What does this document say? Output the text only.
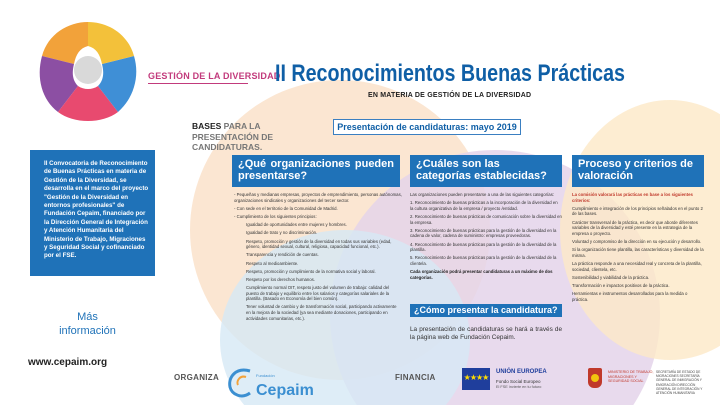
GESTIÓN DE LA DIVERSIDAD
II Reconocimientos Buenas Prácticas
EN MATERIA DE GESTIÓN DE LA DIVERSIDAD
BASES PARA LA
PRESENTACIÓN DE
CANDIDATURAS.
Presentación de candidaturas: mayo 2019
II Convocatoria de Reconocimiento de Buenas Prácticas en materia de Gestión de la Diversidad, se desarrolla en el marco del proyecto "Gestión de la Diversidad en entornos profesionales" de Fundación Cepaim, financiado por la Dirección General de Integración y Atención Humanitaria del Ministerio de Trabajo, Migraciones y Seguridad Social y cofinanciado por el FSE.
Más
información
www.cepaim.org
¿Qué organizaciones pueden presentarse?

- Pequeñas y medianas empresas, proyectos de emprendimiento, personas autónomas, organizaciones sindicales y organizaciones del tercer sector.

- Con sede en el territorio de la Comunidad de Madrid.

- Cumplimiento de los siguientes principios:

Igualdad de oportunidades entre mujeres y hombres.

Igualdad de trato y no discriminación.

Respeto, promoción y gestión de la diversidad en todas sus variables (edad, género, identidad sexual, cultural, religiosa, capacidad funcional, etc.).

Transparencia y rendición de cuentas.

Respeto al medioambiente.

Respeto, promoción y cumplimiento de la normativa social y laboral.

Respeto por los derechos humanos.

Cumplimiento normal OIT, respeto justo del volumen de trabajo: calidad del puesto de trabajo y equilibrio entre los salarios y categorías salariales de la plantilla. (Basado en Economía del bien común).

Tener voluntad de cambio y de transformación social, participando activamente en la mejora de la sociedad (ya sea mediante donaciones, participando en actividades comunitarias, etc.).

¿Cuáles son las categorías establecidas?

Las organizaciones pueden presentarse a una de las siguientes categorías:

1. Reconocimiento de buenas prácticas a la incorporación de la diversidad en la cultura organizativa de la empresa / proyecto /entidad.

2. Reconocimiento de buenas prácticas de comunicación sobre la diversidad en la empresa.

3. Reconocimiento de buenas prácticas para la gestión de la diversidad en la cadena de valor, cadena de suministro: empresas proveedoras.

4. Reconocimiento de buenas prácticas para la gestión de la diversidad de la plantilla.

5. Reconocimiento de buenas prácticas para la gestión de la diversidad de la clientela.

Cada organización podrá presentar candidaturas a un máximo de dos categorías.

¿Cómo presentar la candidatura?
La presentación de candidaturas se hará a través de la página web de Fundación Cepaim.
Proceso y criterios de valoración

La comisión valorará las prácticas en base a los siguientes criterios:

Cumplimiento e integración de los principios señalados en el punto 2 de las bases.

Carácter transversal de la práctica, es decir que aborde diferentes variables de la diversidad y esté presente en la estrategia de la empresa o proyecto.

Voluntad y compromiso de la dirección en su ejecución y desarrollo.

Si la organización tiene plantilla, las características y diversidad de la misma.

La práctica responde a una necesidad real y concreta de la plantilla, sociedad, clientela, etc.

Sostenibilidad y viabilidad de la práctica.

Transformación e impactos positivos de la práctica.

Herramientas e instrumentos desarrollados para la medida o práctica.

ORGANIZA	Fundación
Cepaim
FINANCIA	★★★★
UNIÓN EUROPEA
Fondo Social Europeo
El FSE invierte en tu futuro
MINISTERIO DE TRABAJO, MIGRACIONES Y SEGURIDAD SOCIAL
SECRETARÍA DE ESTADO DE MIGRACIONES SECRETARÍA GENERAL DE INMIGRACIÓN Y EMIGRACIÓN DIRECCIÓN GENERAL DE INTEGRACIÓN Y ATENCIÓN HUMANITARIA
